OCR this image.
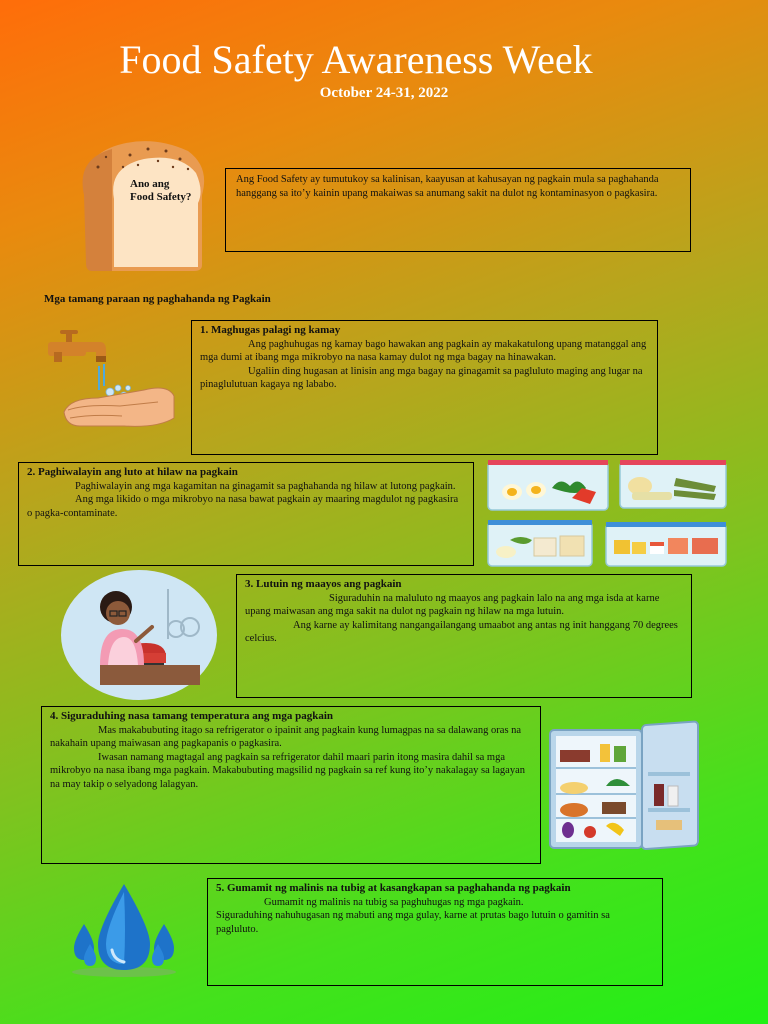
Food Safety Awareness Week
October 24-31, 2022
Ano ang
Food Safety?

Ang Food Safety ay tumutukoy sa kalinisan, kaayusan at kahusayan ng pagkain mula sa paghahanda hanggang sa ito’y kainin upang makaiwas sa anumang sakit na dulot ng kontaminasyon o pagkasira.

Mga tamang paraan ng paghahanda ng Pagkain
1. Maghugas palagi ng kamay

Ang paghuhugas ng kamay bago hawakan ang pagkain ay makakatulong upang matanggal ang mga dumi at ibang mga mikrobyo na nasa kamay dulot ng mga bagay na hinawakan.

Ugaliin ding hugasan at linisin ang mga bagay na ginagamit sa pagluluto maging ang lugar na pinaglulutuan kagaya ng lababo.

2. Paghiwalayin ang luto at hilaw na pagkain

Paghiwalayin ang mga kagamitan na ginagamit sa paghahanda ng hilaw at lutong pagkain.

Ang mga likido o mga mikrobyo na nasa bawat pagkain ay maaring magdulot ng pagkasira o pagka-contaminate.

3. Lutuin ng maayos ang pagkain

Siguraduhin na maluluto ng maayos ang pagkain lalo na ang mga isda at karne upang maiwasan ang mga sakit na dulot ng pagkain ng hilaw na mga lutuin.

Ang karne ay kalimitang nangangailangang umaabot ang antas ng init hanggang 70 degrees celcius.

4. Siguraduhing nasa tamang temperatura ang mga pagkain

Mas makabubuting itago sa refrigerator o ipainit ang pagkain kung lumagpas na sa dalawang oras na nakahain upang maiwasan ang pagkapanis o pagkasira.

Iwasan namang magtagal ang pagkain sa refrigerator dahil maari parin itong masira dahil sa mga mikrobyo na nasa ibang mga pagkain. Makabubuting magsilid ng pagkain sa ref kung ito’y nakalagay sa lagayan na may takip o selyadong lalagyan.

5. Gumamit ng malinis na tubig at kasangkapan sa paghahanda ng pagkain

Gumamit ng malinis na tubig sa paghuhugas ng mga pagkain.

Siguraduhing nahuhugasan ng mabuti ang mga gulay, karne at prutas bago lutuin o gamitin sa pagluluto.
